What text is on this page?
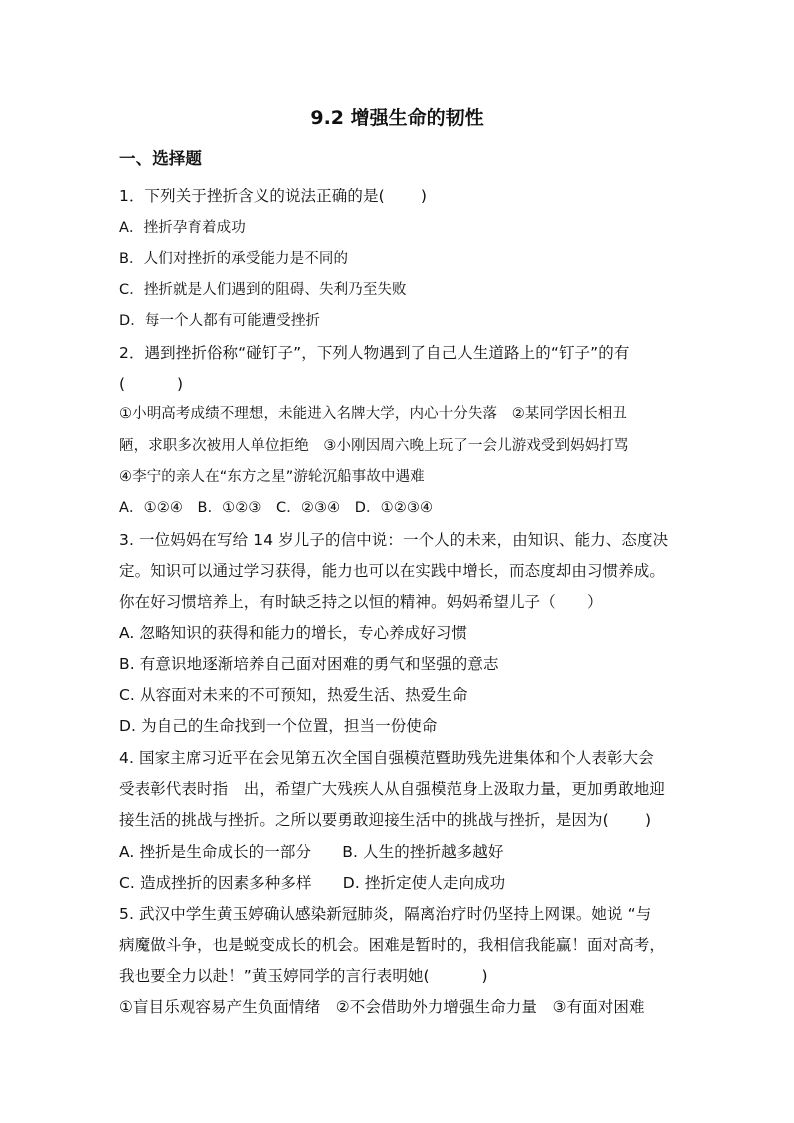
9.2 增强生命的韧性
一、选择题
1．下列关于挫折含义的说法正确的是(　　 )
A．挫折孕育着成功
B．人们对挫折的承受能力是不同的
C．挫折就是人们遇到的阻碍、失利乃至失败
D．每一个人都有可能遭受挫折
2．遇到挫折俗称“碰钉子”，下列人物遇到了自己人生道路上的“钉子”的有
(　　　 )
①小明高考成绩不理想，未能进入名牌大学，内心十分失落　②某同学因长相丑
陋，求职多次被用人单位拒绝　③小刚因周六晚上玩了一会儿游戏受到妈妈打骂
④李宁的亲人在“东方之星”游轮沉船事故中遇难
A．①②④　B．①②③　C．②③④　D．①②③④
3. 一位妈妈在写给 14 岁儿子的信中说：一个人的未来，由知识、能力、态度决
定。知识可以通过学习获得，能力也可以在实践中增长，而态度却由习惯养成。
你在好习惯培养上，有时缺乏持之以恒的精神。妈妈希望儿子（　　）
A. 忽略知识的获得和能力的增长，专心养成好习惯
B. 有意识地逐渐培养自己面对困难的勇气和坚强的意志
C. 从容面对未来的不可预知，热爱生活、热爱生命
D. 为自己的生命找到一个位置，担当一份使命
4. 国家主席习近平在会见第五次全国自强模范暨助残先进集体和个人表彰大会
受表彰代表时指　出，希望广大残疾人从自强模范身上汲取力量，更加勇敢地迎
接生活的挑战与挫折。之所以要勇敢迎接生活中的挑战与挫折，是因为(　　 )
A. 挫折是生命成长的一部分　　B. 人生的挫折越多越好
C. 造成挫折的因素多种多样　　D. 挫折定使人走向成功
5. 武汉中学生黄玉婷确认感染新冠肺炎，隔离治疗时仍坚持上网课。她说 “与
病魔做斗争，也是蜕变成长的机会。困难是暂时的，我相信我能赢！面对高考，
我也要全力以赴！”黄玉婷同学的言行表明她(　　　 )
①盲目乐观容易产生负面情绪　②不会借助外力增强生命力量　③有面对困难
